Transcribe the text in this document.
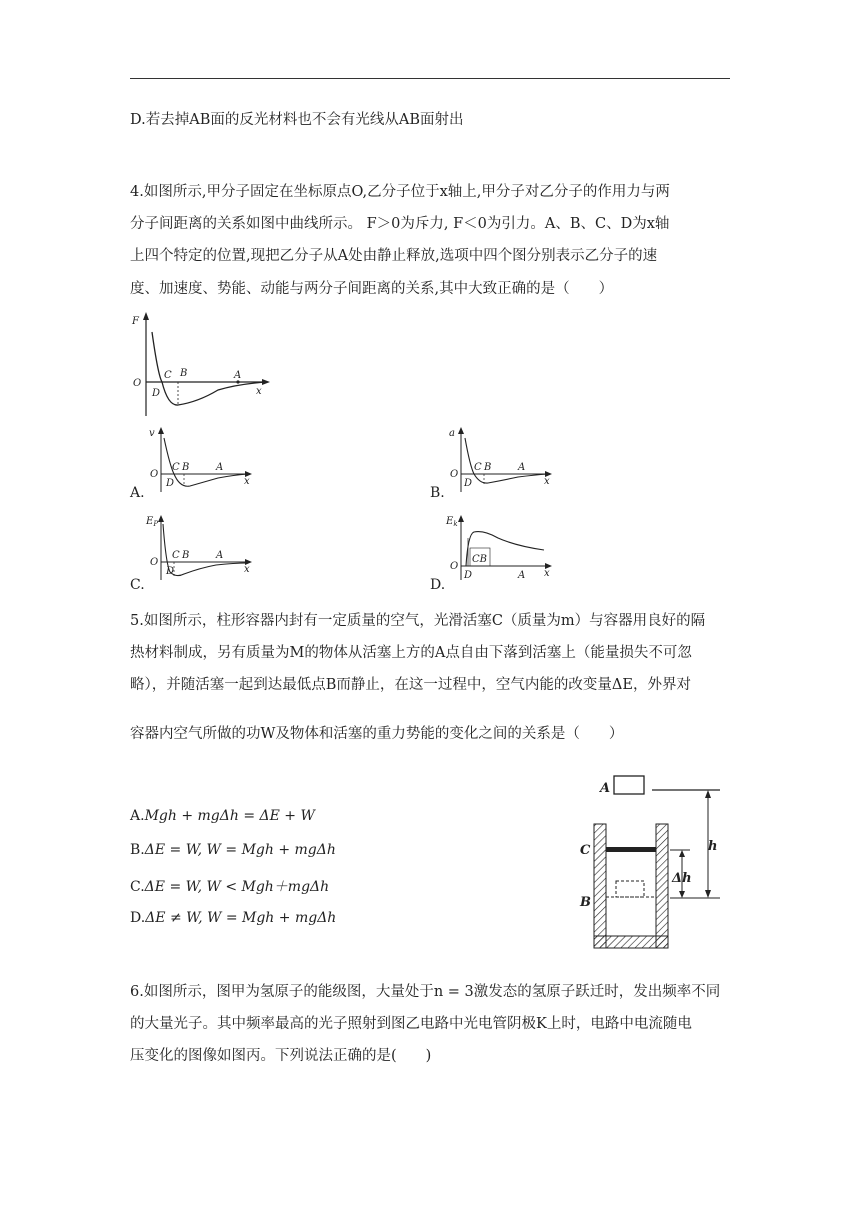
D.若去掉AB面的反光材料也不会有光线从AB面射出

4.如图所示,甲分子固定在坐标原点O,乙分子位于x轴上,甲分子对乙分子的作用力与两

分子间距离的关系如图中曲线所示。 F＞0为斥力, F＜0为引力。A、B、C、D为x轴

上四个特定的位置,现把乙分子从A处由静止释放,选项中四个图分别表示乙分子的速

度、加速度、势能、动能与两分子间距离的关系,其中大致正确的是（　　）

F
O
C B	A
D	x
v
O
C B	A
D	x
A.
a
O
C B	A
D	x
B.
$E_P$
O
C B	A
D	x
C.
$E_k$
O
CB
A
D	x
D.

5.如图所示，柱形容器内封有一定质量的空气，光滑活塞C（质量为m）与容器用良好的隔

热材料制成，另有质量为M的物体从活塞上方的A点自由下落到活塞上（能量损失不可忽

略），并随活塞一起到达最低点B而静止，在这一过程中，空气内能的改变量ΔE，外界对

容器内空气所做的功W及物体和活塞的重力势能的变化之间的关系是（　　）

A.Mgh + mgΔh = ΔE + W
B.ΔE = W, W = Mgh + mgΔh
C.ΔE = W, W < Mgh＋mgΔh
D.ΔE ≠ W, W = Mgh + mgΔh
A
C
B
h
Δh

6.如图所示，图甲为氢原子的能级图，大量处于n = 3激发态的氢原子跃迁时，发出频率不同

的大量光子。其中频率最高的光子照射到图乙电路中光电管阴极K上时，电路中电流随电

压变化的图像如图丙。下列说法正确的是(　　)
